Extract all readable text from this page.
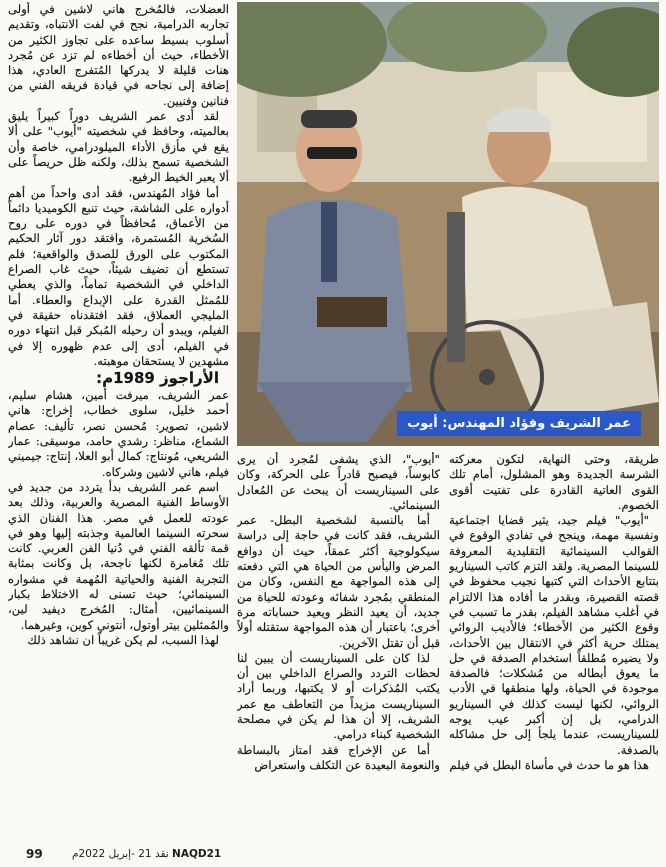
العضلات، فالمُخرج هاني لاشين في أولى تجاربه الدرامية، نجح في لفت الانتباه، وتقديم أسلوب بسيط ساعده على تجاوز الكثير من الأخطاء، حيث أن أخطاءه لم تزد عن مُجرد هنات قليلة لا يدركها المُتفرج العادي، هذا إضافة إلى نجاحه في قيادة فريقه الفني من فنانين وفنيين.

لقد أدى عمر الشريف دوراً كبيراً يليق بعالميته، وحافظ في شخصيته "أيوب" على ألا يقع في مأزق الأداء الميلودرامي، خاصة وأن الشخصية تسمح بذلك، ولكنه ظل حريصاً على ألا يعبر الخيط الرفيع.

أما فؤاد المُهندس، فقد أدى واحداً من أهم أدواره على الشاشة، حيث تنبع الكوميديا دائماً من الأعماق، مُحافظاً في دوره على روح السُخرية المُستمرة، وافتقد دور آثار الحكيم المكتوب على الورق للصدق والواقعية؛ فلم تستطع أن تضيف شيئاً، حيث غاب الصراع الداخلي في الشخصية تماماً، والذي يعطي للمُمثل القدرة على الإبداع والعطاء. أما المليجي العملاق، فقد افتقدناه حقيقة في الفيلم، ويبدو أن رحيله المُبكر قبل انتهاء دوره في الفيلم، أدى إلى عدم ظهوره إلا في مشهدين لا يستحقان موهبته.

الأراجوز 1989م:

عمر الشريف، ميرفت أمين، هشام سليم، أحمد خليل، سلوى خطاب، إخراج: هاني لاشين، تصوير: مُحسن نصر، تأليف: عصام الشماع، مناظر: رشدي حامد، موسيقى: عمار الشريعي، مُونتاج: كمال أبو العلا، إنتاج: جيميني فيلم، هاني لاشين وشركاه.

اسم عمر الشريف بدأ يتردد من جديد في الأوساط الفنية المصرية والعربية، وذلك بعد عودته للعمل في مصر. هذا الفنان الذي سحرته السينما العالمية وجذبته إليها وهو في قمة تألقه الفني في دُنيا الفن العربي. كانت تلك مُغامرة لكنها ناجحة، بل وكانت بمثابة التجربة الفنية والحياتية المُهمة في مشواره السينمائي؛ حيث تسنى له الاختلاط بكبار السينمائيين، أمثال: المُخرج ديفيد لين، والمُمثلين بيتر أوتول، أنتوني كوين، وغيرهما.

لهذا السبب، لم يكن غريباً ان نشاهد ذلك

عمر الشريف وفؤاد المهندس: أيوب

"أيوب"، الذي يشفى لمُجرد أن يرى كابوساً، فيصبح قادراً على الحركة، وكان على السيناريست أن يبحث عن المُعادل السينمائي.

أما بالنسبة لشخصية البطل- عمر الشريف، فقد كانت في حاجة إلى دراسة سيكولوجية أكثر عمقاً، حيث أن دوافع المرض واليأس من الحياة هي التي دفعته إلى هذه المواجهة مع النفس، وكان من المنطقي بمُجرد شفائه وعودته للحياة من جديد، أن يعيد النظر ويعيد حساباته مرة أخرى؛ باعتبار أن هذه المواجهة ستقتله أولاً قبل أن تقتل الآخرين.

لذا كان على السيناريست أن يبين لنا لحظات التردد والصراع الداخلي بين أن يكتب المُذكرات أو لا يكتبها، وربما أراد السيناريست مزيداً من التعاطف مع عمر الشريف، إلا أن هذا لم يكن في مصلحة الشخصية كبناء درامي.

أما عن الإخراج فقد امتاز بالبساطة والنعومة البعيدة عن التكلف واستعراض

طريقة، وحتى النهاية، لتكون معركته الشرسة الجديدة وهو المشلول، أمام تلك القوى العاتية القادرة على تفتيت أقوى الخصوم.

"أيوب" فيلم جيد، يثير قضايا اجتماعية ونفسية مهمة، وينجح في تفادي الوقوع في القوالب السينمائية التقليدية المعروفة للسينما المصرية. ولقد التزم كاتب السيناريو بتتابع الأحداث التي كتبها نجيب محفوظ في قصته القصيرة، وبقدر ما أفاده هذا الالتزام في أغلب مشاهد الفيلم، بقدر ما تسبب في وقوع الكثير من الأخطاء؛ فالأديب الروائي يمتلك حرية أكثر في الانتقال بين الأحداث، ولا يضيره مُطلقاً استخدام الصدفة في حل ما يعوق أبطاله من مُشكلات؛ فالصدفة موجودة في الحياة، ولها منطقها في الأدب الروائي، لكنها ليست كذلك في السيناريو الدرامي، بل إن أكبر عيب يوجه للسيناريست، عندما يلجأ إلى حل مشاكله بالصدفة.

هذا هو ما حدث في مأساة البطل في فيلم

99	NAQD21 نقد 21 -إبريل 2022م
